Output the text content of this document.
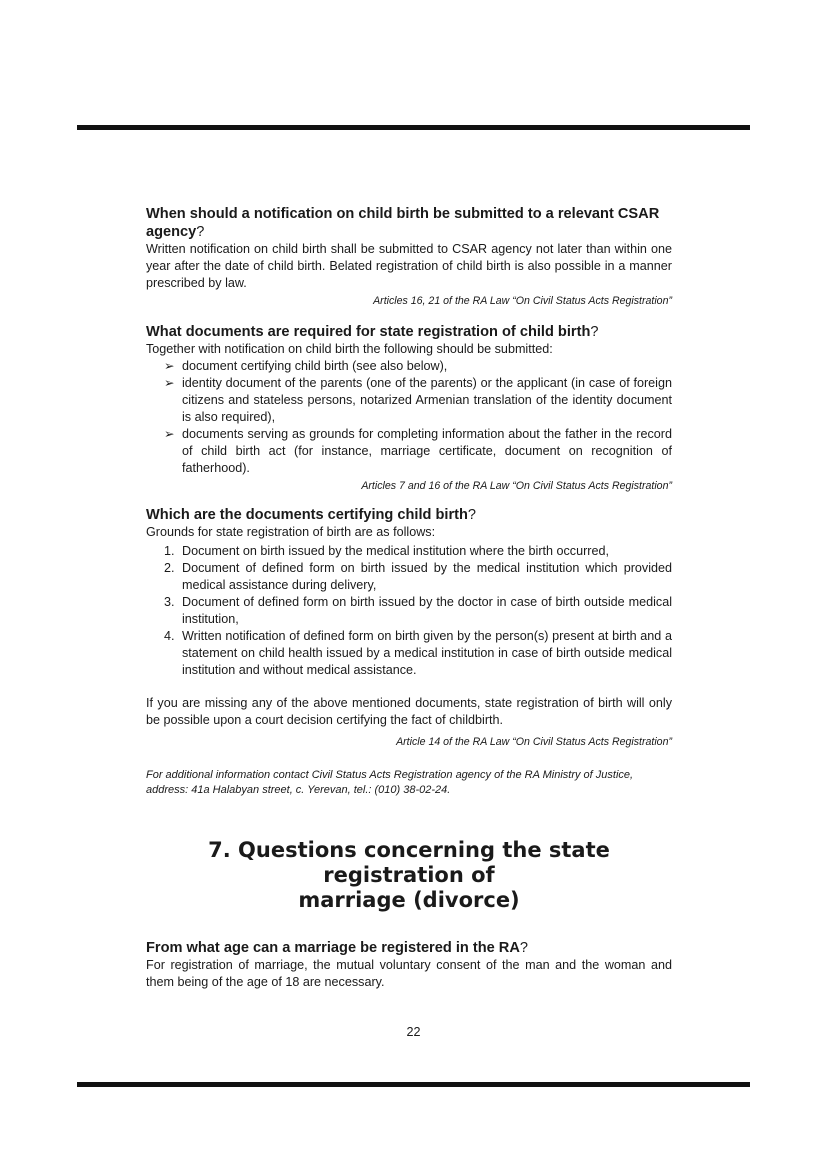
When should a notification on child birth be submitted to a relevant CSAR agency?

Written notification on child birth shall be submitted to CSAR agency not later than within one year after the date of child birth. Belated registration of child birth is also possible in a manner prescribed by law.

Articles 16, 21 of the RA Law “On Civil Status Acts Registration”
What documents are required for state registration of child birth?

Together with notification on child birth the following should be submitted:

➢ document certifying child birth (see also below),
➢ identity document of the parents (one of the parents) or the applicant (in case of foreign citizens and stateless persons, notarized Armenian translation of the identity document is also required),
➢ documents serving as grounds for completing information about the father in the record of child birth act (for instance, marriage certificate, document on recognition of fatherhood).
Articles 7 and 16 of the RA Law “On Civil Status Acts Registration”
Which are the documents certifying child birth?

Grounds for state registration of birth are as follows:

1. Document on birth issued by the medical institution where the birth occurred,
2. Document of defined form on birth issued by the medical institution which provided medical assistance during delivery,
3. Document of defined form on birth issued by the doctor in case of birth outside medical institution,
4. Written notification of defined form on birth given by the person(s) present at birth and a statement on child health issued by a medical institution in case of birth outside medical institution and without medical assistance.

If you are missing any of the above mentioned documents, state registration of birth will only be possible upon a court decision certifying the fact of childbirth.

Article 14 of the RA Law “On Civil Status Acts Registration”
For additional information contact Civil Status Acts Registration agency of the RA Ministry of Justice,
address: 41a Halabyan street, c. Yerevan, tel.: (010) 38-02-24.
7. Questions concerning the state registration of
marriage (divorce)
From what age can a marriage be registered in the RA?

For registration of marriage, the mutual voluntary consent of the man and the woman and them being of the age of 18 are necessary.

22
